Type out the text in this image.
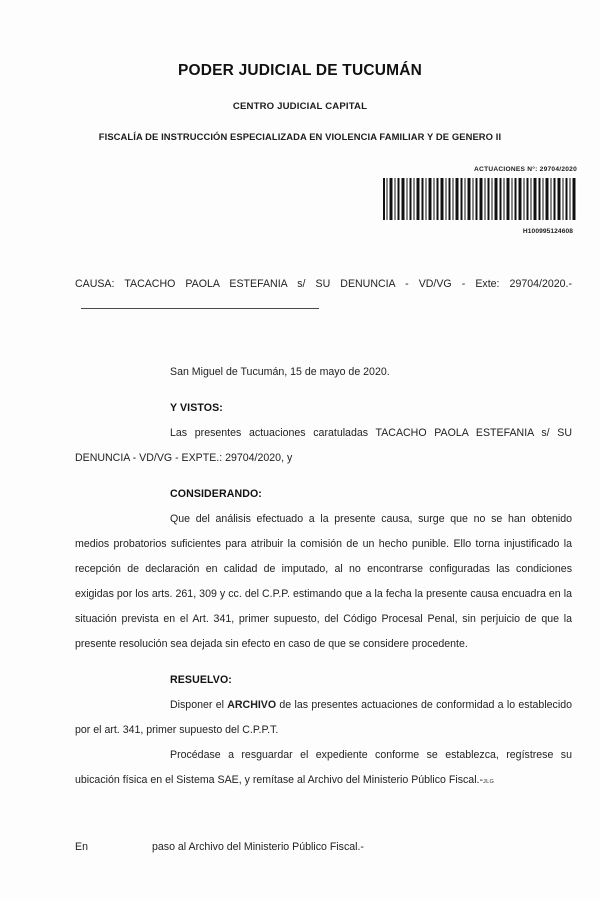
PODER JUDICIAL DE TUCUMÁN
CENTRO JUDICIAL CAPITAL
FISCALÍA DE INSTRUCCIÓN ESPECIALIZADA EN VIOLENCIA FAMILIAR Y DE GENERO II
ACTUACIONES N°: 29704/2020
H100995124608

CAUSA: TACACHO PAOLA ESTEFANIA s/ SU DENUNCIA - VD/VG - Exte: 29704/2020.-

San Miguel de Tucumán, 15 de mayo de 2020.

Y VISTOS:

Las presentes actuaciones caratuladas TACACHO PAOLA ESTEFANIA s/ SU DENUNCIA - VD/VG - EXPTE.: 29704/2020, y

CONSIDERANDO:

Que del análisis efectuado a la presente causa, surge que no se han obtenido medios probatorios suficientes para atribuir la comisión de un hecho punible. Ello torna injustificado la recepción de declaración en calidad de imputado, al no encontrarse configuradas las condiciones exigidas por los arts. 261, 309 y cc. del C.P.P. estimando que a la fecha la presente causa encuadra en la situación prevista en el Art. 341, primer supuesto, del Código Procesal Penal, sin perjuicio de que la presente resolución sea dejada sin efecto en caso de que se considere procedente.

RESUELVO:

Disponer el ARCHIVO de las presentes actuaciones de conformidad a lo establecido por el art. 341, primer supuesto del C.P.P.T.

Procédase a resguardar el expediente conforme se establezca, regístrese su ubicación física en el Sistema SAE, y remítase al Archivo del Ministerio Público Fiscal.-JLG

En	paso al Archivo del Ministerio Público Fiscal.-
